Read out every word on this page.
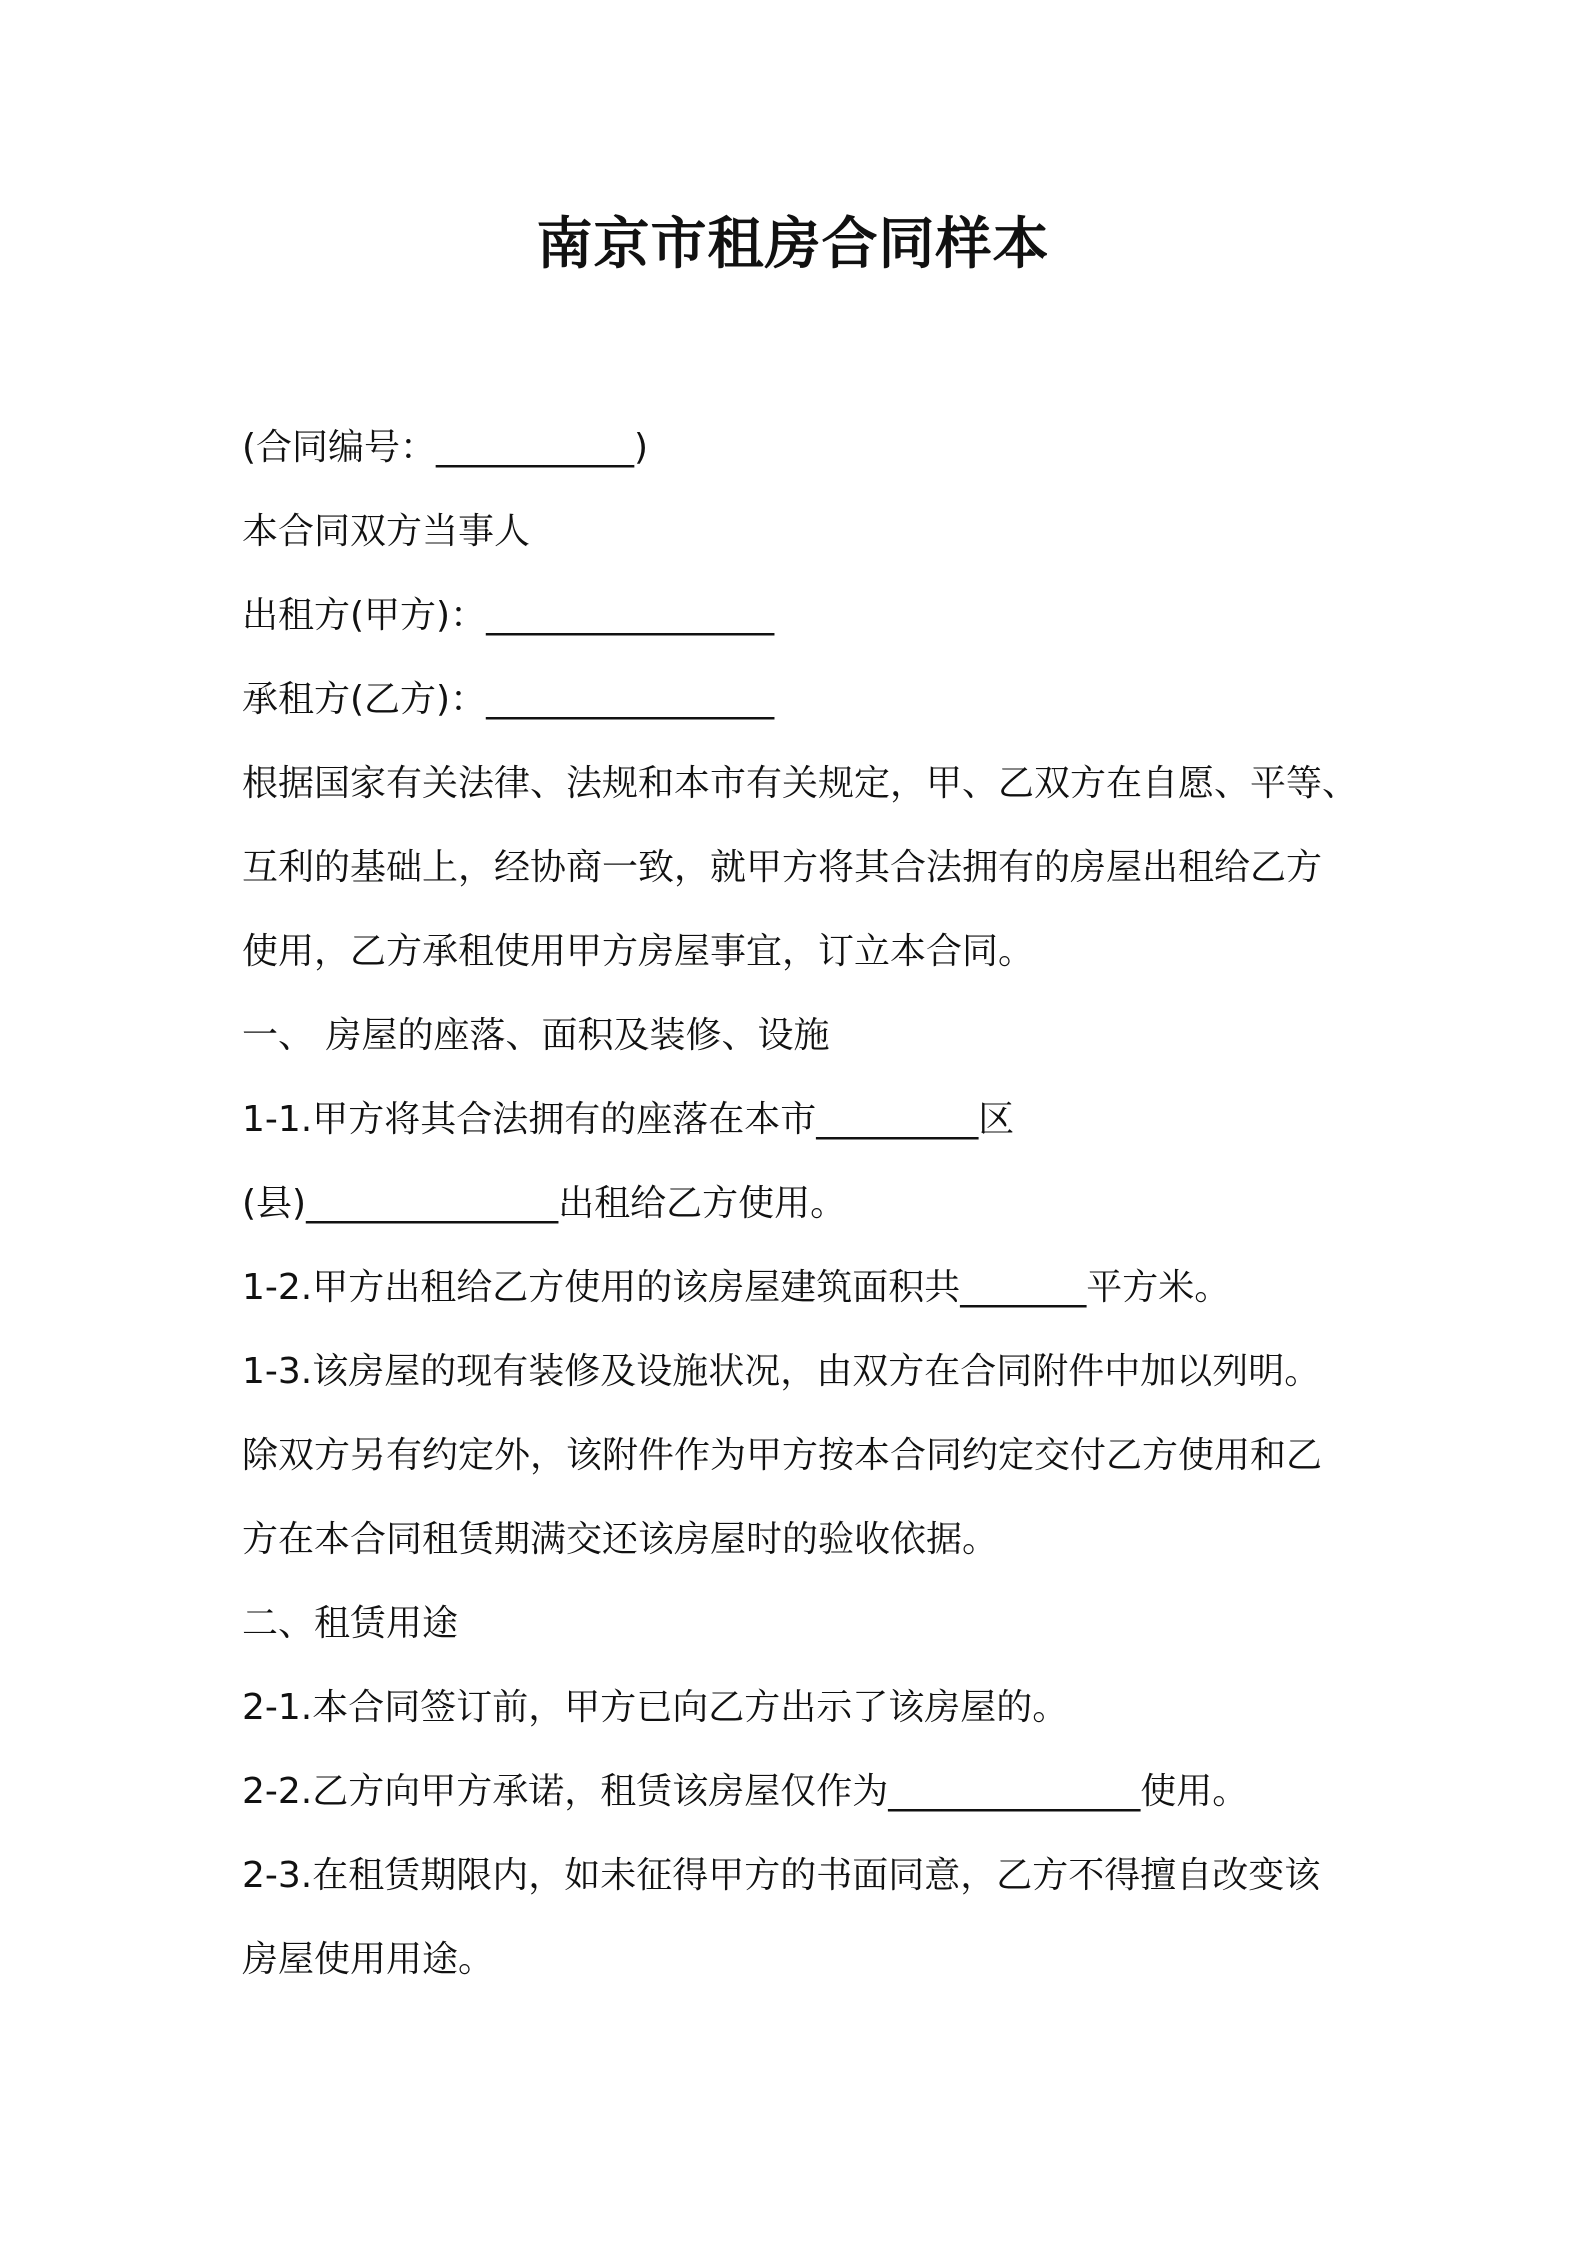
南京市租房合同样本

(合同编号：___________)

本合同双方当事人

出租方(甲方)：________________

承租方(乙方)：________________

根据国家有关法律、法规和本市有关规定，甲、乙双方在自愿、平等、

互利的基础上，经协商一致，就甲方将其合法拥有的房屋出租给乙方

使用，乙方承租使用甲方房屋事宜，订立本合同。

一、 房屋的座落、面积及装修、设施

1-1.甲方将其合法拥有的座落在本市_________区

(县)______________出租给乙方使用。

1-2.甲方出租给乙方使用的该房屋建筑面积共_______平方米。

1-3.该房屋的现有装修及设施状况，由双方在合同附件中加以列明。

除双方另有约定外，该附件作为甲方按本合同约定交付乙方使用和乙

方在本合同租赁期满交还该房屋时的验收依据。

二、租赁用途

2-1.本合同签订前，甲方已向乙方出示了该房屋的。

2-2.乙方向甲方承诺，租赁该房屋仅作为______________使用。

2-3.在租赁期限内，如未征得甲方的书面同意，乙方不得擅自改变该

房屋使用用途。
